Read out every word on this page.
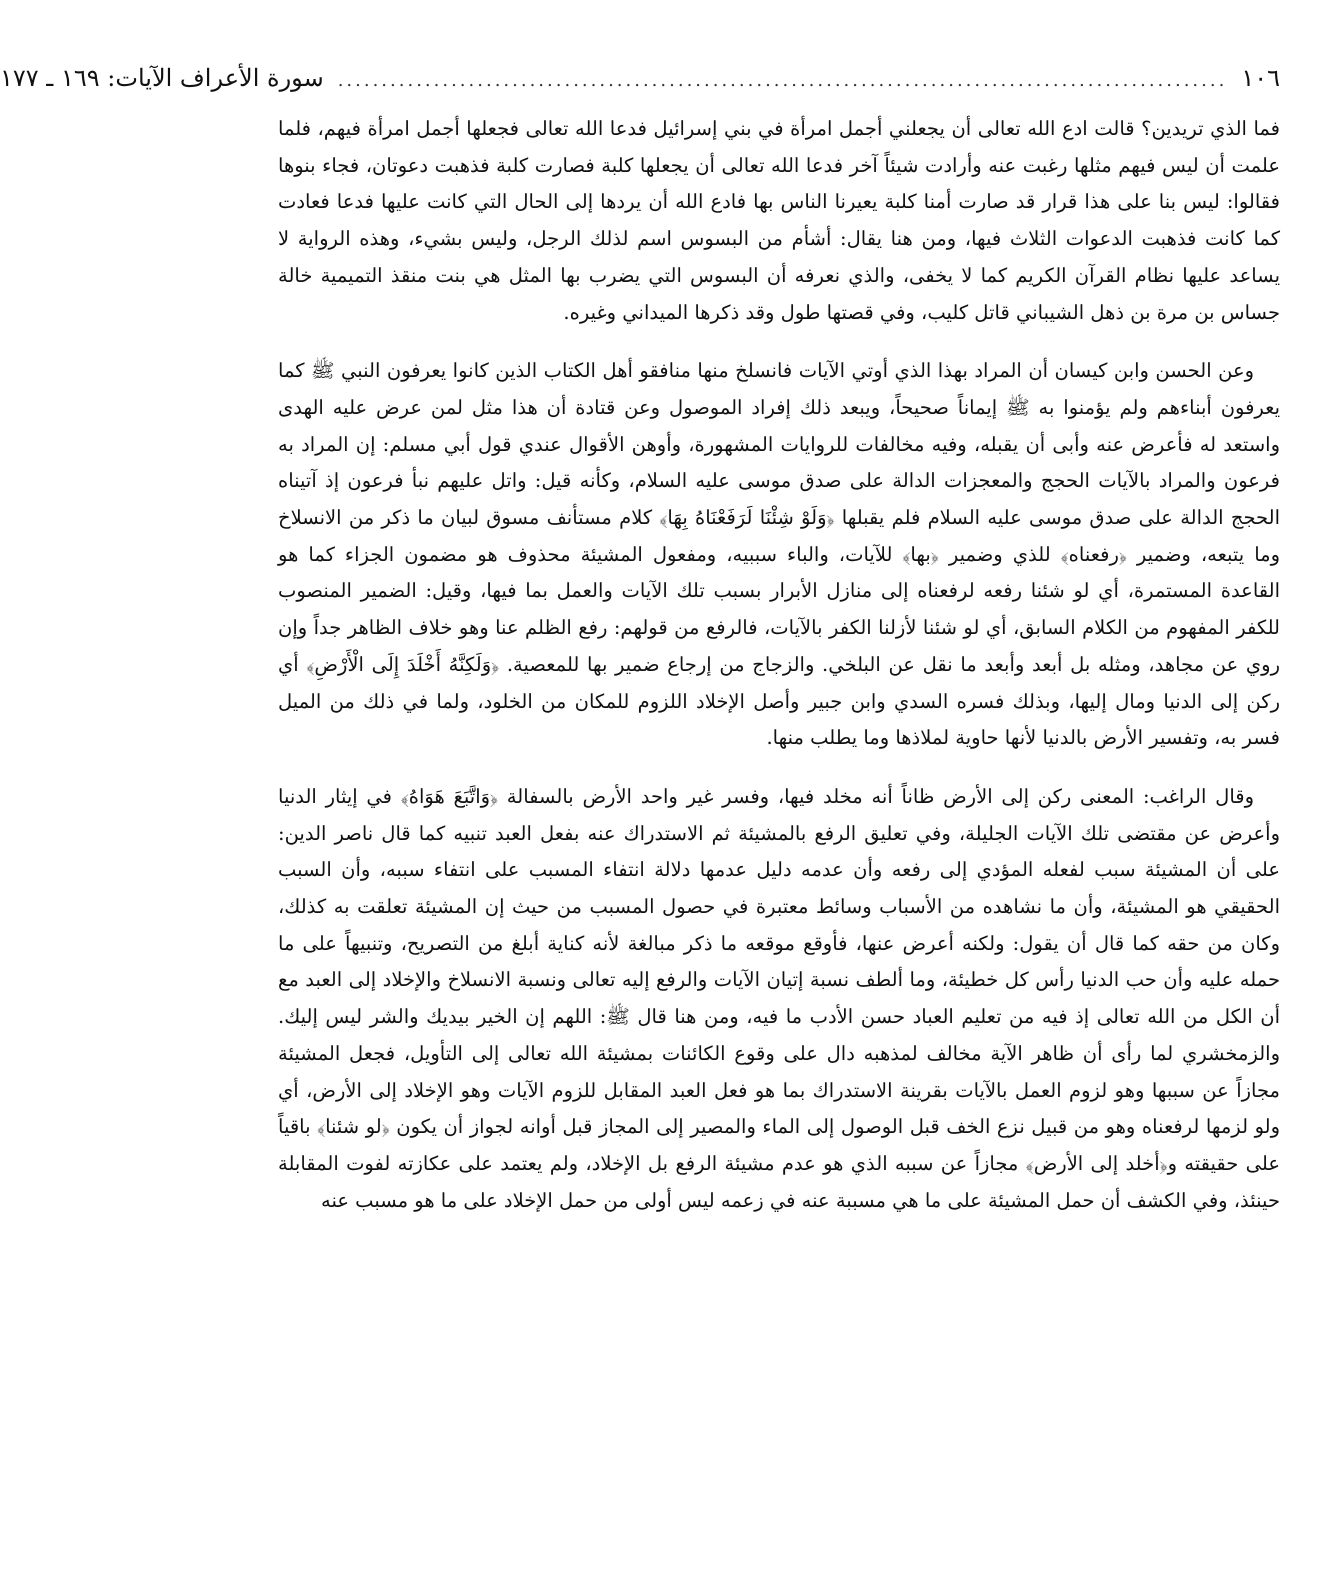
١٠٦
......................................................................................................
سورة الأعراف الآيات: ١٦٩ ـ ١٧٧

فما الذي تريدين؟ قالت ادع الله تعالى أن يجعلني أجمل امرأة في بني إسرائيل فدعا الله تعالى فجعلها أجمل امرأة فيهم، فلما علمت أن ليس فيهم مثلها رغبت عنه وأرادت شيئاً آخر فدعا الله تعالى أن يجعلها كلبة فصارت كلبة فذهبت دعوتان، فجاء بنوها فقالوا: ليس بنا على هذا قرار قد صارت أمنا كلبة يعيرنا الناس بها فادع الله أن يردها إلى الحال التي كانت عليها فدعا فعادت كما كانت فذهبت الدعوات الثلاث فيها، ومن هنا يقال: أشأم من البسوس اسم لذلك الرجل، وليس بشيء، وهذه الرواية لا يساعد عليها نظام القرآن الكريم كما لا يخفى، والذي نعرفه أن البسوس التي يضرب بها المثل هي بنت منقذ التميمية خالة جساس بن مرة بن ذهل الشيباني قاتل كليب، وفي قصتها طول وقد ذكرها الميداني وغيره.

وعن الحسن وابن كيسان أن المراد بهذا الذي أوتي الآيات فانسلخ منها منافقو أهل الكتاب الذين كانوا يعرفون النبي ﷺ كما يعرفون أبناءهم ولم يؤمنوا به ﷺ إيماناً صحيحاً، ويبعد ذلك إفراد الموصول وعن قتادة أن هذا مثل لمن عرض عليه الهدى واستعد له فأعرض عنه وأبى أن يقبله، وفيه مخالفات للروايات المشهورة، وأوهن الأقوال عندي قول أبي مسلم: إن المراد به فرعون والمراد بالآيات الحجج والمعجزات الدالة على صدق موسى عليه السلام، وكأنه قيل: واتل عليهم نبأ فرعون إذ آتيناه الحجج الدالة على صدق موسى عليه السلام فلم يقبلها ﴿وَلَوْ شِئْنَا لَرَفَعْنَاهُ بِهَا﴾ كلام مستأنف مسوق لبيان ما ذكر من الانسلاخ وما يتبعه، وضمير ﴿رفعناه﴾ للذي وضمير ﴿بها﴾ للآيات، والباء سببيه، ومفعول المشيئة محذوف هو مضمون الجزاء كما هو القاعدة المستمرة، أي لو شئنا رفعه لرفعناه إلى منازل الأبرار بسبب تلك الآيات والعمل بما فيها، وقيل: الضمير المنصوب للكفر المفهوم من الكلام السابق، أي لو شئنا لأزلنا الكفر بالآيات، فالرفع من قولهم: رفع الظلم عنا وهو خلاف الظاهر جداً وإن روي عن مجاهد، ومثله بل أبعد وأبعد ما نقل عن البلخي. والزجاج من إرجاع ضمير بها للمعصية. ﴿وَلَكِنَّهُ أَخْلَدَ إِلَى الْأَرْضِ﴾ أي ركن إلى الدنيا ومال إليها، وبذلك فسره السدي وابن جبير وأصل الإخلاد اللزوم للمكان من الخلود، ولما في ذلك من الميل فسر به، وتفسير الأرض بالدنيا لأنها حاوية لملاذها وما يطلب منها.

وقال الراغب: المعنى ركن إلى الأرض ظاناً أنه مخلد فيها، وفسر غير واحد الأرض بالسفالة ﴿وَاتَّبَعَ هَوَاهُ﴾ في إيثار الدنيا وأعرض عن مقتضى تلك الآيات الجليلة، وفي تعليق الرفع بالمشيئة ثم الاستدراك عنه بفعل العبد تنبيه كما قال ناصر الدين: على أن المشيئة سبب لفعله المؤدي إلى رفعه وأن عدمه دليل عدمها دلالة انتفاء المسبب على انتفاء سببه، وأن السبب الحقيقي هو المشيئة، وأن ما نشاهده من الأسباب وسائط معتبرة في حصول المسبب من حيث إن المشيئة تعلقت به كذلك، وكان من حقه كما قال أن يقول: ولكنه أعرض عنها، فأوقع موقعه ما ذكر مبالغة لأنه كناية أبلغ من التصريح، وتنبيهاً على ما حمله عليه وأن حب الدنيا رأس كل خطيئة، وما ألطف نسبة إتيان الآيات والرفع إليه تعالى ونسبة الانسلاخ والإخلاد إلى العبد مع أن الكل من الله تعالى إذ فيه من تعليم العباد حسن الأدب ما فيه، ومن هنا قال ﷺ: اللهم إن الخير بيديك والشر ليس إليك. والزمخشري لما رأى أن ظاهر الآية مخالف لمذهبه دال على وقوع الكائنات بمشيئة الله تعالى إلى التأويل، فجعل المشيئة مجازاً عن سببها وهو لزوم العمل بالآيات بقرينة الاستدراك بما هو فعل العبد المقابل للزوم الآيات وهو الإخلاد إلى الأرض، أي ولو لزمها لرفعناه وهو من قبيل نزع الخف قبل الوصول إلى الماء والمصير إلى المجاز قبل أوانه لجواز أن يكون ﴿لو شئنا﴾ باقياً على حقيقته و﴿أخلد إلى الأرض﴾ مجازاً عن سببه الذي هو عدم مشيئة الرفع بل الإخلاد، ولم يعتمد على عكازته لفوت المقابلة حينئذ، وفي الكشف أن حمل المشيئة على ما هي مسببة عنه في زعمه ليس أولى من حمل الإخلاد على ما هو مسبب عنه
